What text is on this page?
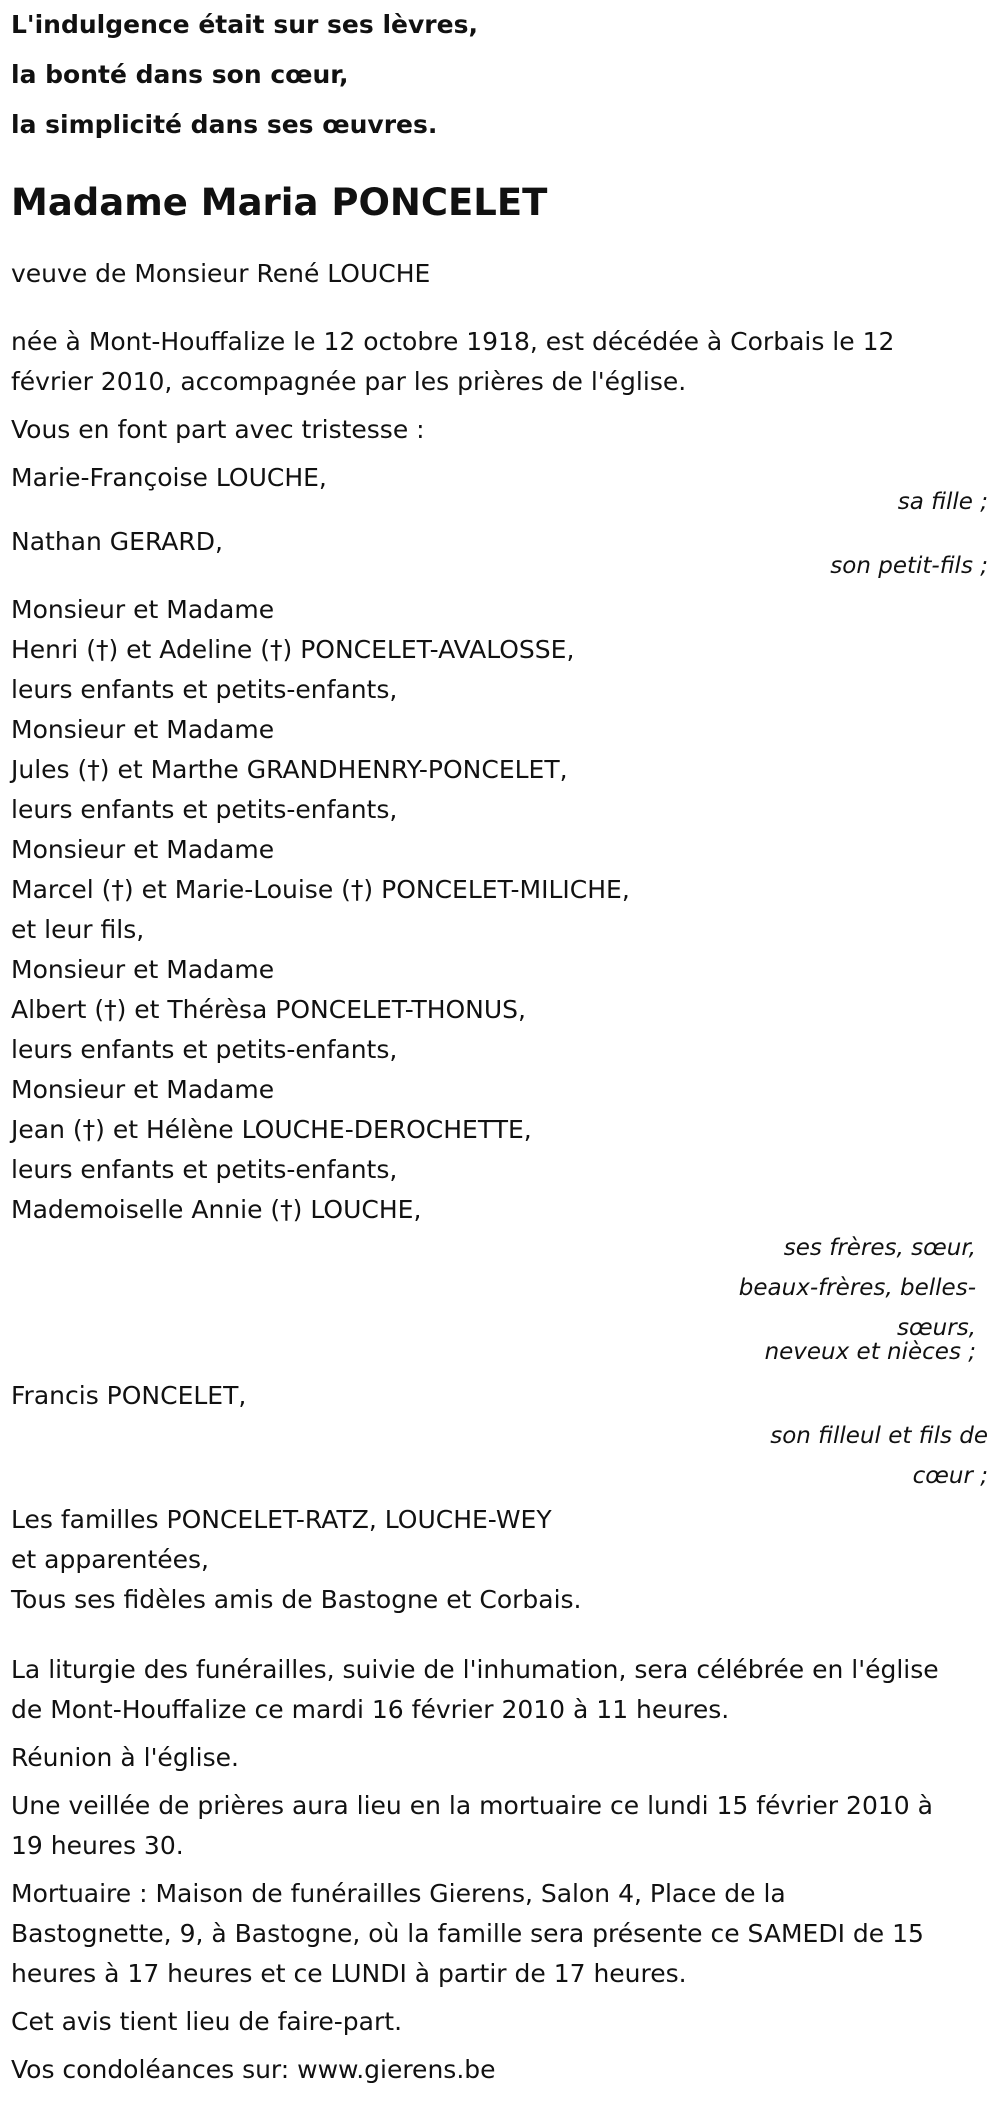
L'indulgence était sur ses lèvres,

la bonté dans son cœur,

la simplicité dans ses œuvres.

Madame Maria PONCELET

veuve de Monsieur René LOUCHE

née à Mont-Houffalize le 12 octobre 1918, est décédée à Corbais le 12

février 2010, accompagnée par les prières de l'église.

Vous en font part avec tristesse :

Marie-Françoise LOUCHE,

sa fille ;

Nathan GERARD,

son petit-fils ;

Monsieur et Madame

Henri (†) et Adeline (†) PONCELET-AVALOSSE,

leurs enfants et petits-enfants,

Monsieur et Madame

Jules (†) et Marthe GRANDHENRY-PONCELET,

leurs enfants et petits-enfants,

Monsieur et Madame

Marcel (†) et Marie-Louise (†) PONCELET-MILICHE,

et leur fils,

Monsieur et Madame

Albert (†) et Thérèsa PONCELET-THONUS,

leurs enfants et petits-enfants,

Monsieur et Madame

Jean (†) et Hélène LOUCHE-DEROCHETTE,

leurs enfants et petits-enfants,

Mademoiselle Annie (†) LOUCHE,

ses frères, sœur,
beaux-frères, belles-
sœurs,
neveux et nièces ;

Francis PONCELET,

son filleul et fils de
cœur ;

Les familles PONCELET-RATZ, LOUCHE-WEY

et apparentées,

Tous ses fidèles amis de Bastogne et Corbais.

La liturgie des funérailles, suivie de l'inhumation, sera célébrée en l'église

de Mont-Houffalize ce mardi 16 février 2010 à 11 heures.

Réunion à l'église.

Une veillée de prières aura lieu en la mortuaire ce lundi 15 février 2010 à

19 heures 30.

Mortuaire : Maison de funérailles Gierens, Salon 4, Place de la

Bastognette, 9, à Bastogne, où la famille sera présente ce SAMEDI de 15

heures à 17 heures et ce LUNDI à partir de 17 heures.

Cet avis tient lieu de faire-part.

Vos condoléances sur: www.gierens.be
